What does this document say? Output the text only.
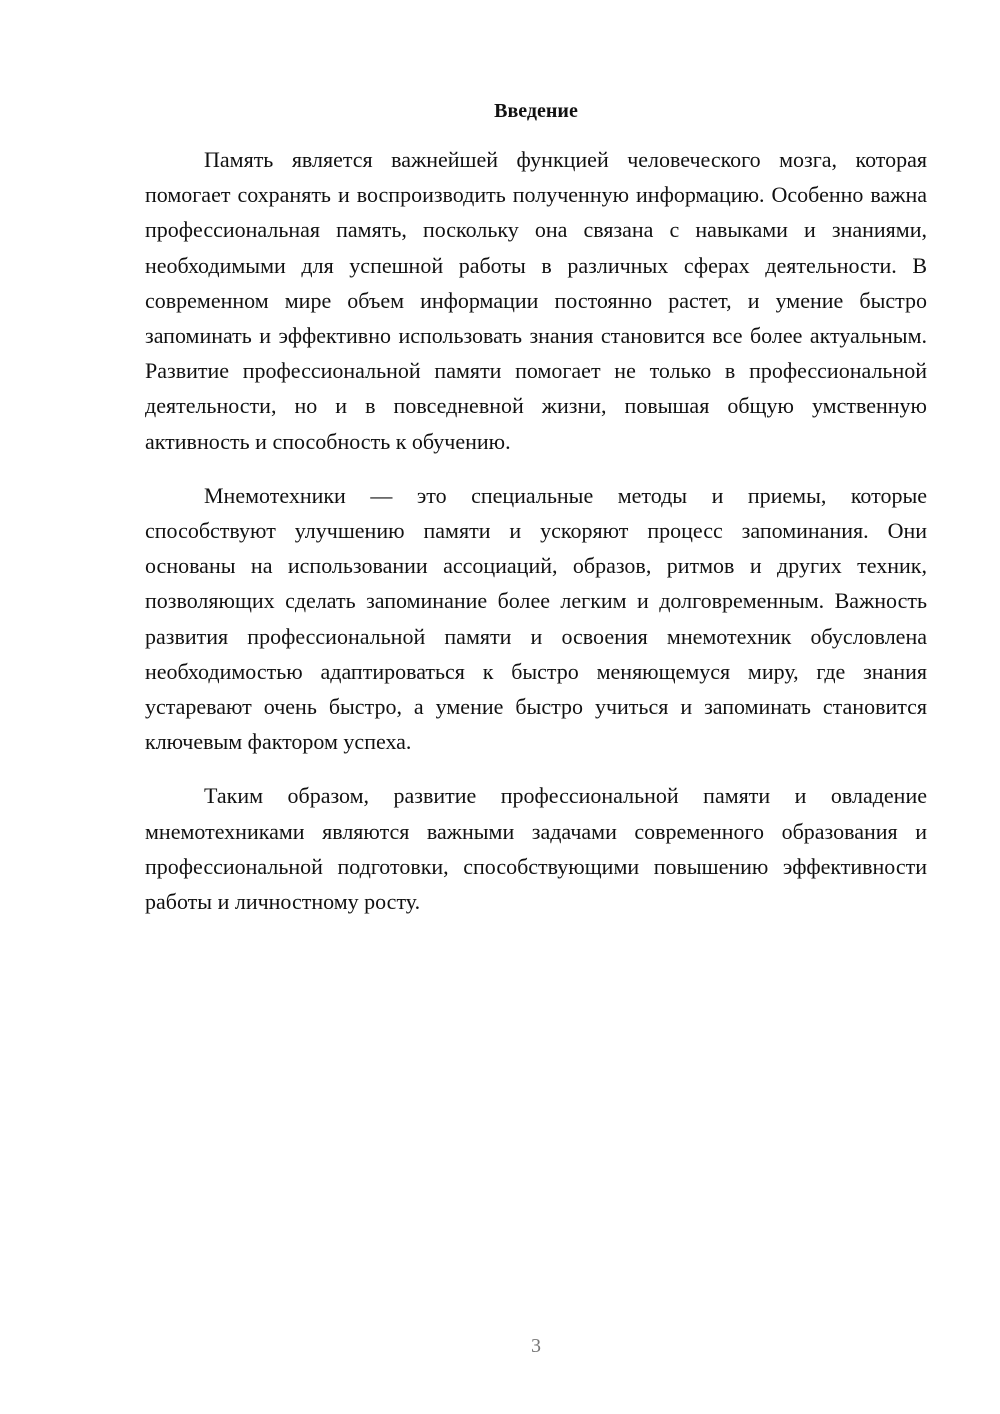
Введение

Память является важнейшей функцией человеческого мозга, которая помогает сохранять и воспроизводить полученную информацию. Особенно важна профессиональная память, поскольку она связана с навыками и знаниями, необходимыми для успешной работы в различных сферах деятельности. В современном мире объем информации постоянно растет, и умение быстро запоминать и эффективно использовать знания становится все более актуальным. Развитие профессиональной памяти помогает не только в профессиональной деятельности, но и в повседневной жизни, повышая общую умственную активность и способность к обучению.

Мнемотехники — это специальные методы и приемы, которые способствуют улучшению памяти и ускоряют процесс запоминания. Они основаны на использовании ассоциаций, образов, ритмов и других техник, позволяющих сделать запоминание более легким и долговременным. Важность развития профессиональной памяти и освоения мнемотехник обусловлена необходимостью адаптироваться к быстро меняющемуся миру, где знания устаревают очень быстро, а умение быстро учиться и запоминать становится ключевым фактором успеха.

Таким образом, развитие профессиональной памяти и овладение мнемотехниками являются важными задачами современного образования и профессиональной подготовки, способствующими повышению эффективности работы и личностному росту.

3
